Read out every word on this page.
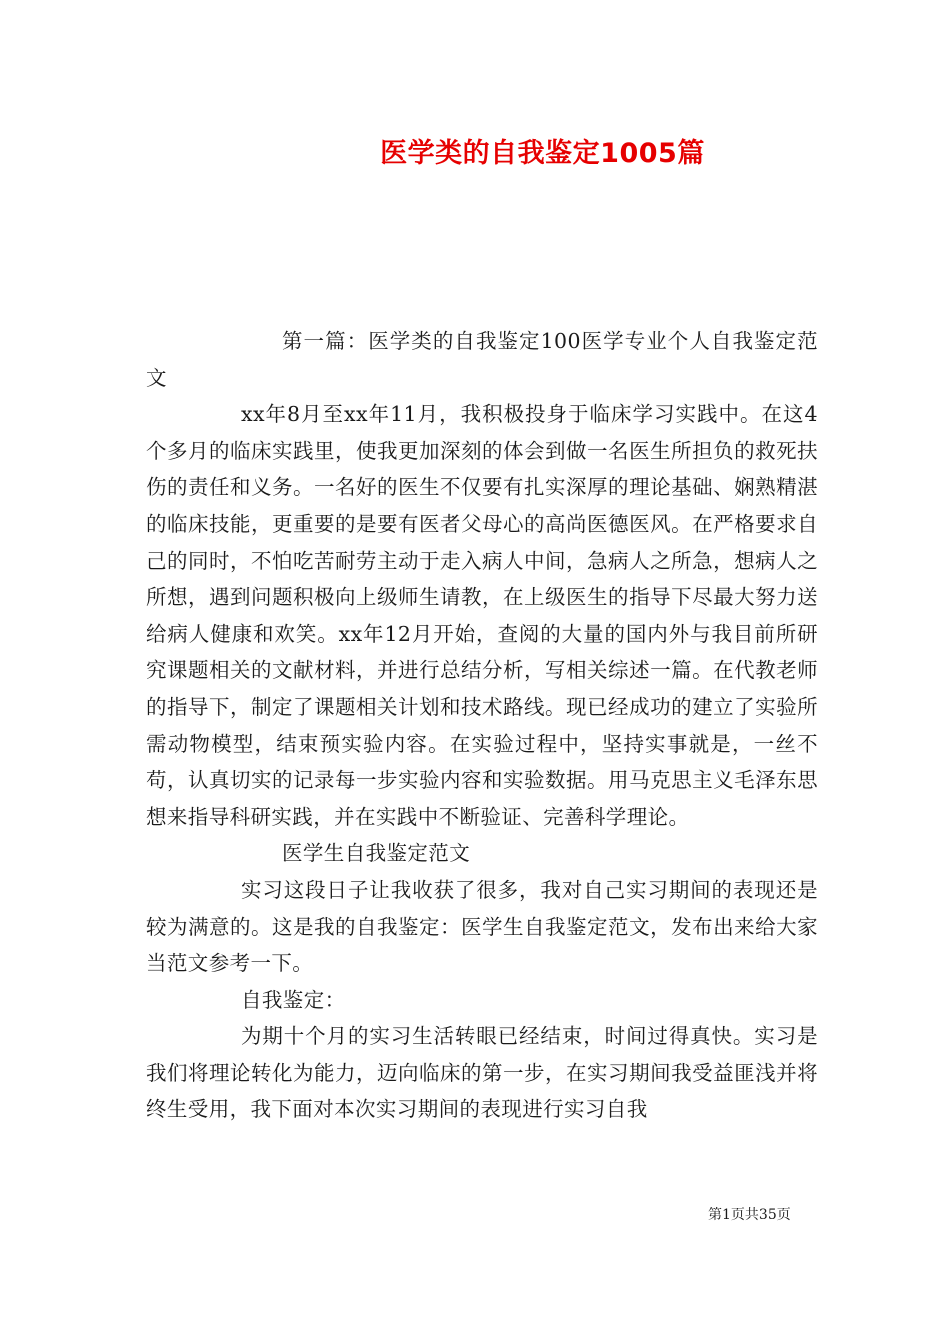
医学类的自我鉴定1005篇

第一篇：医学类的自我鉴定100医学专业个人自我鉴定范文

xx年8月至xx年11月，我积极投身于临床学习实践中。在这4个多月的临床实践里，使我更加深刻的体会到做一名医生所担负的救死扶伤的责任和义务。一名好的医生不仅要有扎实深厚的理论基础、娴熟精湛的临床技能，更重要的是要有医者父母心的高尚医德医风。在严格要求自己的同时，不怕吃苦耐劳主动于走入病人中间，急病人之所急，想病人之所想，遇到问题积极向上级师生请教，在上级医生的指导下尽最大努力送给病人健康和欢笑。xx年12月开始，查阅的大量的国内外与我目前所研究课题相关的文献材料，并进行总结分析，写相关综述一篇。在代教老师的指导下，制定了课题相关计划和技术路线。现已经成功的建立了实验所需动物模型，结束预实验内容。在实验过程中，坚持实事就是，一丝不苟，认真切实的记录每一步实验内容和实验数据。用马克思主义毛泽东思想来指导科研实践，并在实践中不断验证、完善科学理论。

医学生自我鉴定范文

实习这段日子让我收获了很多，我对自己实习期间的表现还是较为满意的。这是我的自我鉴定：医学生自我鉴定范文，发布出来给大家当范文参考一下。

自我鉴定：

为期十个月的实习生活转眼已经结束，时间过得真快。实习是我们将理论转化为能力，迈向临床的第一步，在实习期间我受益匪浅并将终生受用，我下面对本次实习期间的表现进行实习自我

第1页共35页
